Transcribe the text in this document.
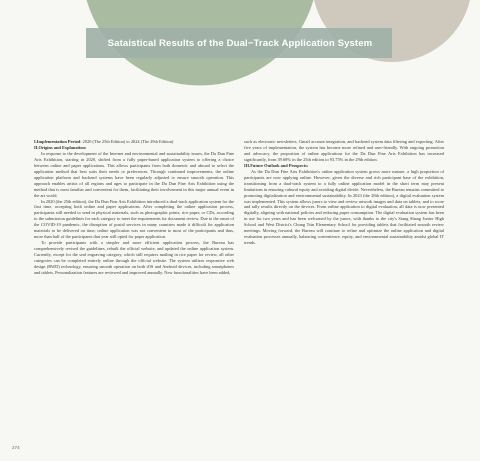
Sataistical Results of the Dual−Track Application System

I.Implementation Period: 2020 (The 25th Edition) to 2024 (The 29th Edition)

II.Origins and Explanation:

In response to the development of the Internet and environmental and sustainability issues, the Da Dun Fine Arts Exhibition, starting in 2020, shifted from a fully paper-based application system to offering a choice between online and paper applications. This allows participants from both domestic and abroad to select the application method that best suits their needs or preferences. Through continued improvements, the online application platform and backend systems have been regularly adjusted to ensure smooth operation. This approach enables artists of all regions and ages to participate in the Da Dun Fine Arts Exhibition using the method that is most familiar and convenient for them, facilitating their involvement in this major annual event in the art world.

In 2020 (the 25th edition), the Da Dun Fine Arts Exhibition introduced a dual-track application system for the first time, accepting both online and paper applications. After completing the online application process, participants still needed to send in physical materials, such as photographic prints, rice paper, or CDs, according to the submission guidelines for each category to meet the requirements for document review. Due to the onset of the COVID-19 pandemic, the disruption of postal services in many countries made it difficult for application materials to be delivered on time; online application was not convenient to most of the participants and thus, more than half of the participants that year still opted for paper application.

To provide participants with a simpler and more efficient application process, the Bureau has comprehensively revised the guidelines, rebuilt the official website, and updated the online application system. Currently, except for the seal engraving category, which still requires mailing in rice paper for review, all other categories can be completed entirely online through the official website. The system utilizes responsive web design (RWD) technology, ensuring smooth operation on both iOS and Android devices, including smartphones and tablets. Personalization features are reviewed and improved annually. New functionalities have been added,

such as electronic newsletters, Gmail account integration, and backend system data filtering and exporting. After five years of implementation, the system has become more refined and user-friendly. With ongoing promotion and advocacy, the proportion of online applications for the Da Dun Fine Arts Exhibition has increased significantly, from 39.68% in the 25th edition to 93.75% in the 29th edition.

III.Future Outlook and Prospects:

As the Da Dun Fine Arts Exhibition's online application system grows more mature, a high proportion of participants are now applying online. However, given the diverse and rich participant base of the exhibition, transitioning from a dual-track system to a fully online application model in the short term may present limitations in ensuring cultural equity and avoiding digital divide. Nevertheless, the Bureau remains committed to promoting digitalization and environmental sustainability. In 2023 (the 28th edition), a digital evaluation system was implemented. This system allows jurors to view and review artwork images and data on tablets, and to score and tally results directly on the devices. From online application to digital evaluation, all data is now presented digitally, aligning with national policies and reducing paper consumption. The digital evaluation system has been in use for two years and has been welcomed by the jurors, with thanks to the city's Siang Shang Junior High School and West District's Chung Tsin Elementary School for providing tablets that facilitated smooth review meetings. Moving forward, the Bureau will continue to refine and optimize the online application and digital evaluation processes annually, balancing convenience, equity, and environmental sustainability amidst global IT trends.

274
